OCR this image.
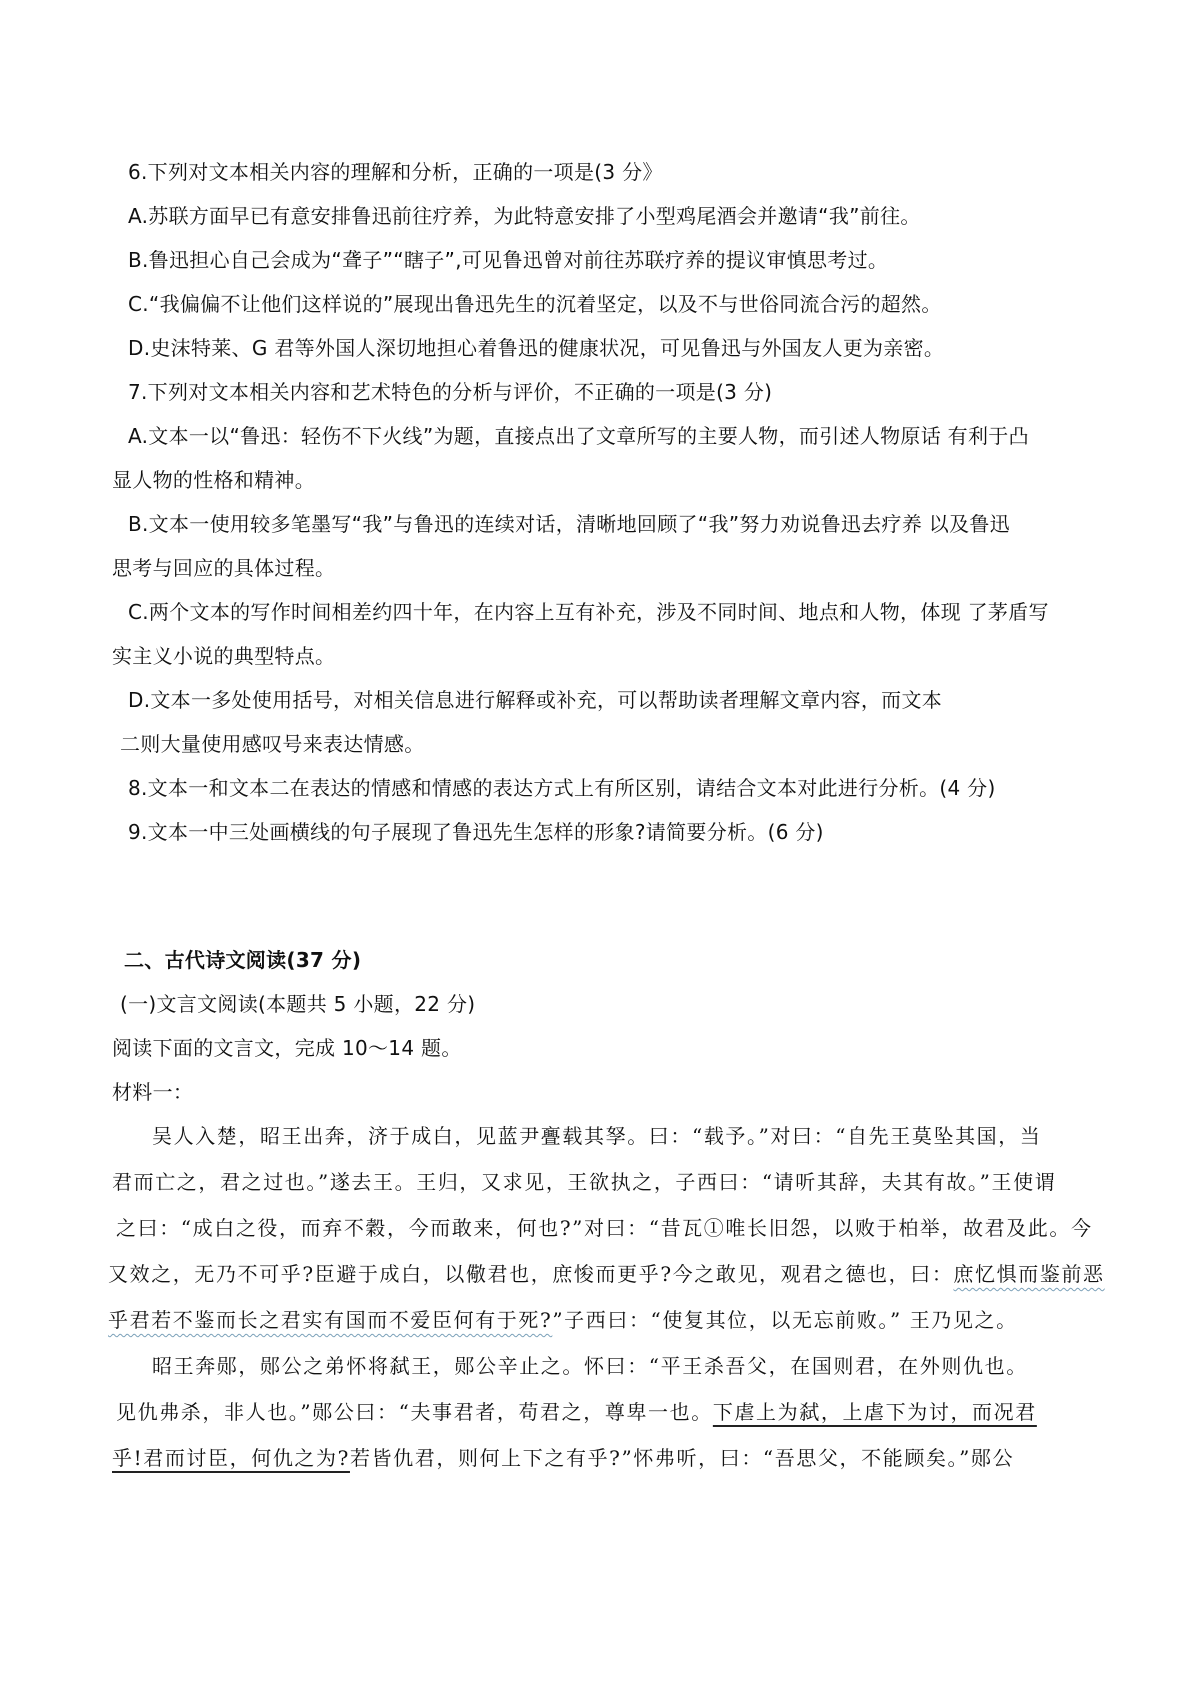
6.下列对文本相关内容的理解和分析，正确的一项是(3 分》
A.苏联方面早已有意安排鲁迅前往疗养，为此特意安排了小型鸡尾酒会并邀请“我”前往。
B.鲁迅担心自己会成为“聋子”“瞎子”,可见鲁迅曾对前往苏联疗养的提议审慎思考过。
C.“我偏偏不让他们这样说的”展现出鲁迅先生的沉着坚定，以及不与世俗同流合污的超然。
D.史沫特莱、G 君等外国人深切地担心着鲁迅的健康状况，可见鲁迅与外国友人更为亲密。
7.下列对文本相关内容和艺术特色的分析与评价，不正确的一项是(3 分)
A.文本一以“鲁迅：轻伤不下火线”为题，直接点出了文章所写的主要人物，而引述人物原话 有利于凸
显人物的性格和精神。
B.文本一使用较多笔墨写“我”与鲁迅的连续对话，清晰地回顾了“我”努力劝说鲁迅去疗养 以及鲁迅
思考与回应的具体过程。
C.两个文本的写作时间相差约四十年，在内容上互有补充，涉及不同时间、地点和人物，体现 了茅盾写
实主义小说的典型特点。
D.文本一多处使用括号，对相关信息进行解释或补充，可以帮助读者理解文章内容，而文本
二则大量使用感叹号来表达情感。
8.文本一和文本二在表达的情感和情感的表达方式上有所区别，请结合文本对此进行分析。(4 分)
9.文本一中三处画横线的句子展现了鲁迅先生怎样的形象?请简要分析。(6 分)
二、古代诗文阅读(37 分)
(一)文言文阅读(本题共 5 小题，22 分)
阅读下面的文言文，完成 10～14 题。
材料一：
吴人入楚，昭王出奔，济于成白，见蓝尹亹载其孥。曰：“载予。”对曰：“自先王莫坠其国，当
君而亡之，君之过也。”遂去王。王归，又求见，王欲执之，子西曰：“请听其辞，夫其有故。”王使谓
之曰：“成白之役，而弃不穀，今而敢来，何也?”对曰：“昔瓦①唯长旧怨，以败于柏举，故君及此。今
又效之，无乃不可乎?臣避于成白，以儆君也，庶悛而更乎?今之敢见，观君之德也，曰：庶忆惧而鉴前恶
乎君若不鉴而长之君实有国而不爱臣何有于死?”子西曰：“使复其位，以无忘前败。” 王乃见之。
昭王奔郧，郧公之弟怀将弑王，郧公辛止之。怀曰：“平王杀吾父，在国则君，在外则仇也。
见仇弗杀，非人也。”郧公曰：“夫事君者，苟君之，尊卑一也。下虐上为弑，上虐下为讨，而况君
乎!君而讨臣，何仇之为?若皆仇君，则何上下之有乎?”怀弗听，曰：“吾思父，不能顾矣。”郧公
